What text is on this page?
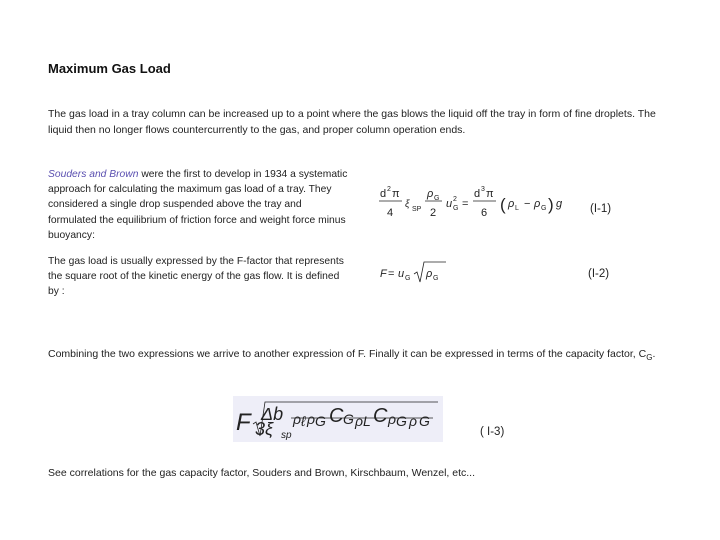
Maximum Gas Load
The gas load in a tray column can be increased up to a point where the gas blows the liquid off the tray in form of fine droplets. The liquid then no longer flows countercurrently to the gas, and proper column operation ends.
Souders and Brown were the first to develop in 1934 a systematic approach for calculating the maximum gas load of a tray. They considered a single drop suspended above the tray and formulated the equilibrium of friction force and weight force minus buoyancy:
d 2 π
4
ξ SP
ρ G
2
u G
2 =
d 3 π
6 ( ρ L − ρ G ) g (I-1)
The gas load is usually expressed by the F-factor that represents the square root of the kinetic energy of the gas flow. It is defined by :
F = u G ρ G	(I-2)
Combining the two expressions we arrive to another expression of F. Finally it can be expressed in terms of the capacity factor, $C_G$.
F Δb
3ξ sp
ρ ℓ ρ G C G ρ L C ρ G ρ G
( I-3)
See correlations for the gas capacity factor, Souders and Brown, Kirschbaum, Wenzel, etc...
